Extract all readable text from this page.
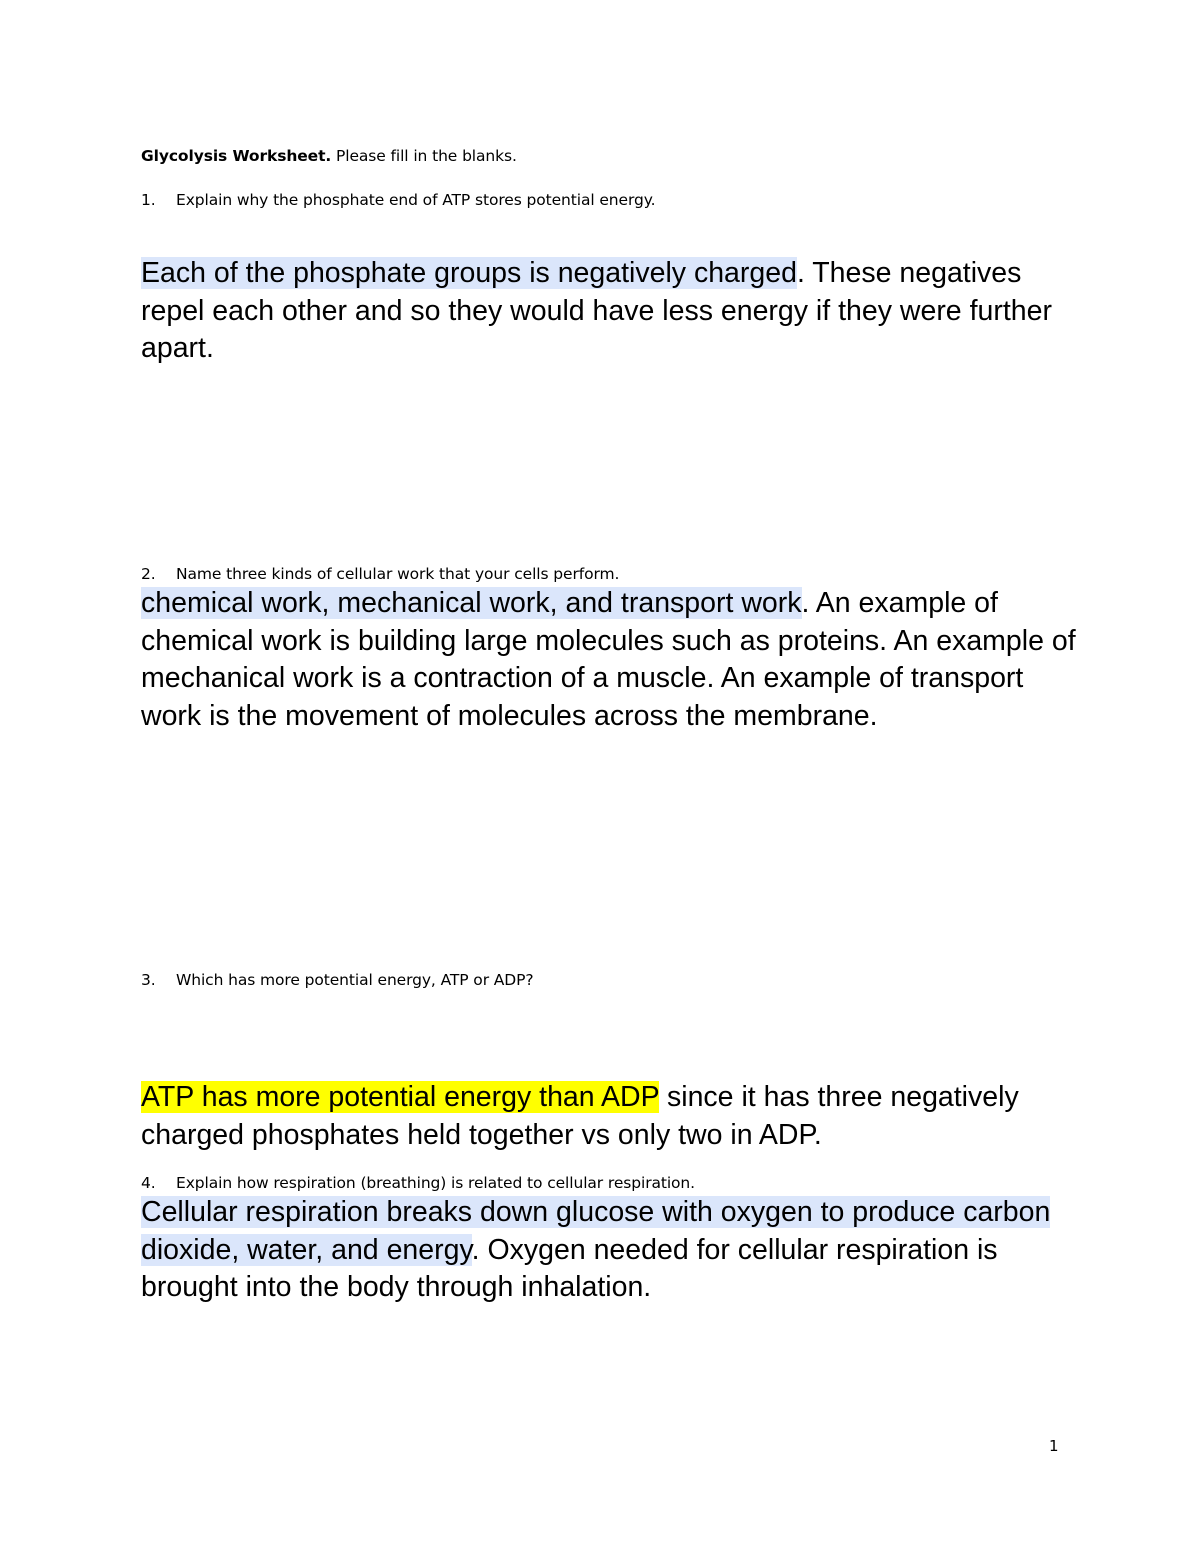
Glycolysis Worksheet. Please fill in the blanks.
1. Explain why the phosphate end of ATP stores potential energy.
Each of the phosphate groups is negatively charged. These negatives repel each other and so they would have less energy if they were further apart.
2. Name three kinds of cellular work that your cells perform.
chemical work, mechanical work, and transport work. An example of chemical work is building large molecules such as proteins. An example of mechanical work is a contraction of a muscle. An example of transport work is the movement of molecules across the membrane.
3. Which has more potential energy, ATP or ADP?
ATP has more potential energy than ADP since it has three negatively charged phosphates held together vs only two in ADP.
4. Explain how respiration (breathing) is related to cellular respiration.
Cellular respiration breaks down glucose with oxygen to produce carbon dioxide, water, and energy. Oxygen needed for cellular respiration is brought into the body through inhalation.
1
